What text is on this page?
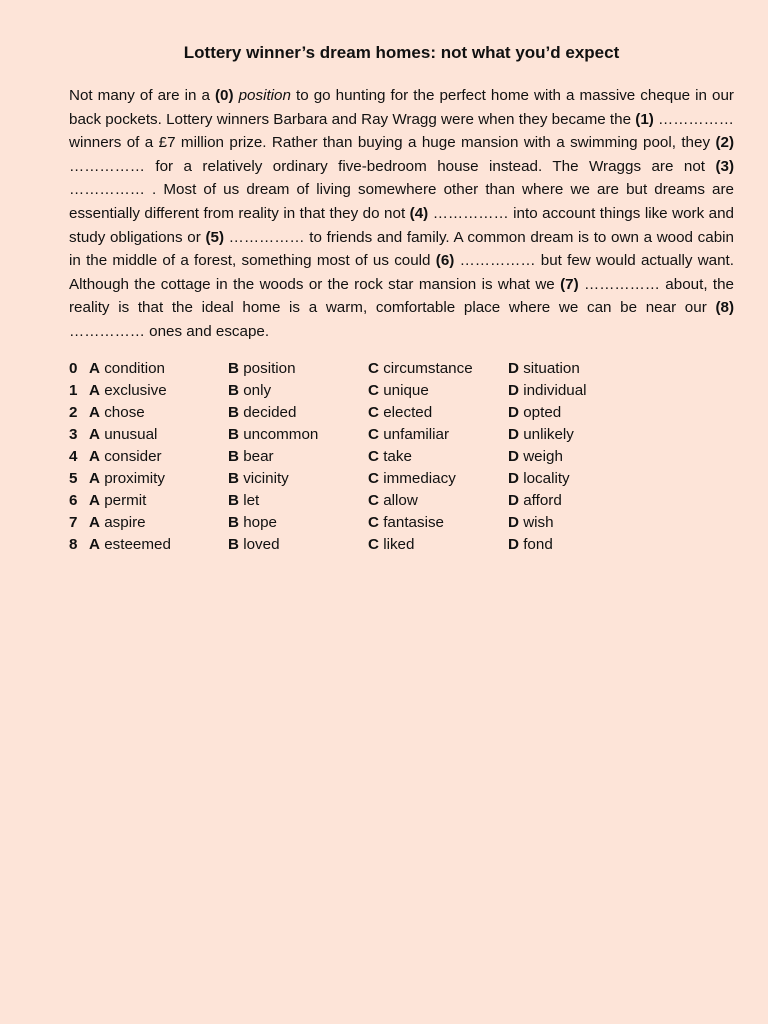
Lottery winner’s dream homes: not what you’d expect

Not many of are in a (0) position to go hunting for the perfect home with a massive cheque in our back pockets. Lottery winners Barbara and Ray Wragg were when they became the (1) …………… winners of a £7 million prize. Rather than buying a huge mansion with a swimming pool, they (2) …………… for a relatively ordinary five-bedroom house instead. The Wraggs are not (3) …………… . Most of us dream of living somewhere other than where we are but dreams are essentially different from reality in that they do not (4) …………… into account things like work and study obligations or (5) …………… to friends and family. A common dream is to own a wood cabin in the middle of a forest, something most of us could (6) …………… but few would actually want. Although the cottage in the woods or the rock star mansion is what we (7) …………… about, the reality is that the ideal home is a warm, comfortable place where we can be near our (8) …………… ones and escape.

0 A condition	B position	C circumstance	D situation
1 A exclusive	B only	C unique	D individual
2 A chose	B decided	C elected	D opted
3 A unusual	B uncommon	C unfamiliar	D unlikely
4 A consider	B bear	C take	D weigh
5 A proximity	B vicinity	C immediacy	D locality
6 A permit	B let	C allow	D afford
7 A aspire	B hope	C fantasise	D wish
8 A esteemed	B loved	C liked	D fond
